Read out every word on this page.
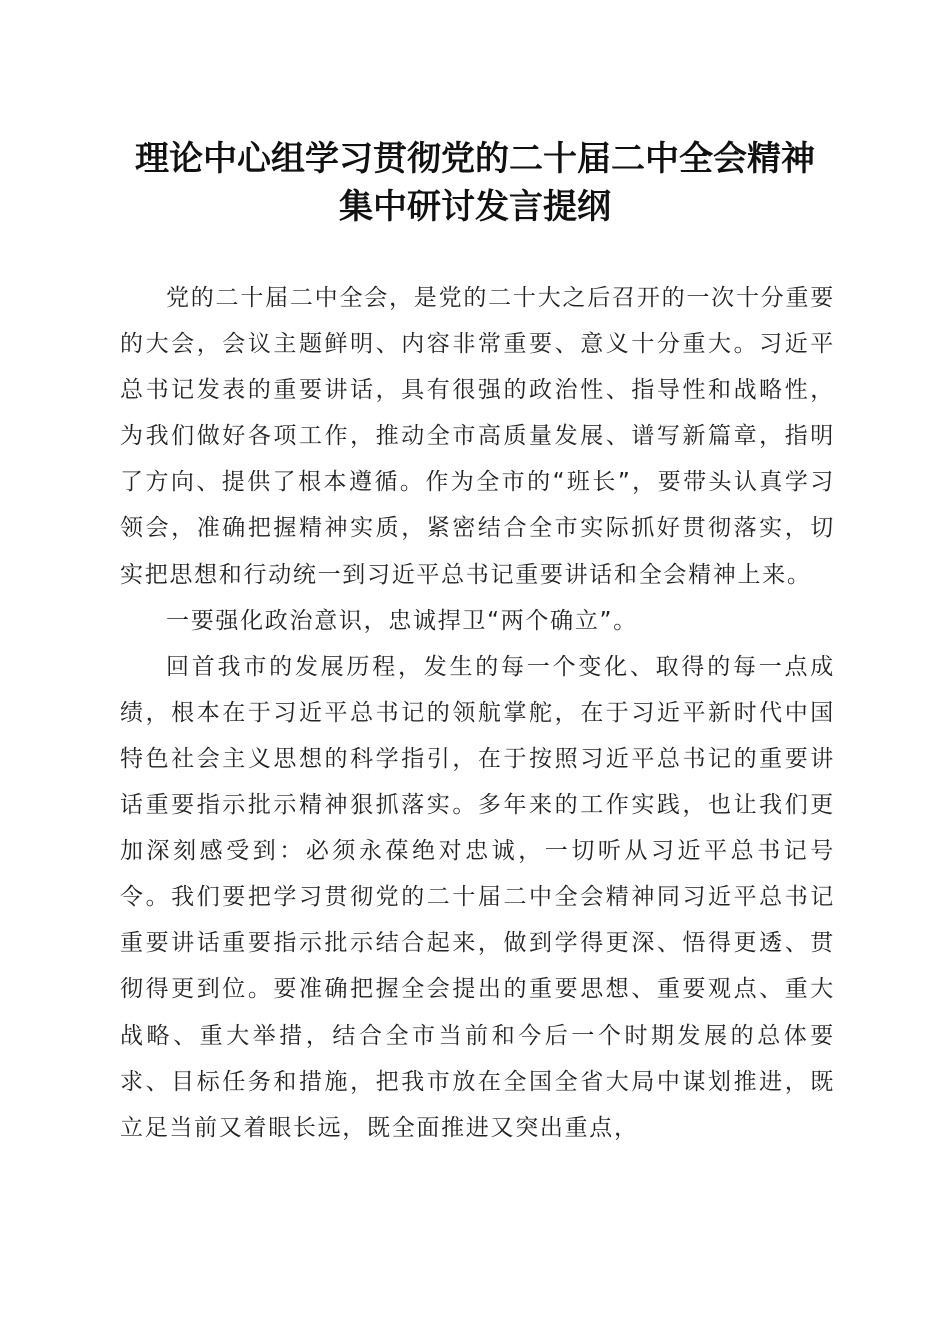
理论中心组学习贯彻党的二十届二中全会精神
集中研讨发言提纲

党的二十届二中全会，是党的二十大之后召开的一次十分重要的大会，会议主题鲜明、内容非常重要、意义十分重大。习近平总书记发表的重要讲话，具有很强的政治性、指导性和战略性，为我们做好各项工作，推动全市高质量发展、谱写新篇章，指明了方向、提供了根本遵循。作为全市的“班长”，要带头认真学习领会，准确把握精神实质，紧密结合全市实际抓好贯彻落实，切实把思想和行动统一到习近平总书记重要讲话和全会精神上来。

一要强化政治意识，忠诚捍卫“两个确立”。

回首我市的发展历程，发生的每一个变化、取得的每一点成绩，根本在于习近平总书记的领航掌舵，在于习近平新时代中国特色社会主义思想的科学指引，在于按照习近平总书记的重要讲话重要指示批示精神狠抓落实。多年来的工作实践，也让我们更加深刻感受到：必须永葆绝对忠诚，一切听从习近平总书记号令。我们要把学习贯彻党的二十届二中全会精神同习近平总书记重要讲话重要指示批示结合起来，做到学得更深、悟得更透、贯彻得更到位。要准确把握全会提出的重要思想、重要观点、重大战略、重大举措，结合全市当前和今后一个时期发展的总体要求、目标任务和措施，把我市放在全国全省大局中谋划推进，既立足当前又着眼长远，既全面推进又突出重点，
